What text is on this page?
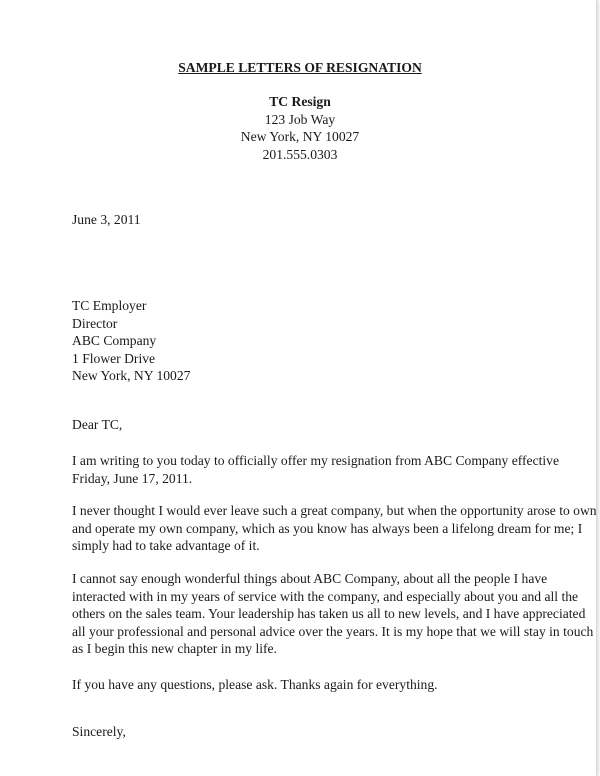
SAMPLE LETTERS OF RESIGNATION
TC Resign
123 Job Way
New York, NY 10027
201.555.0303
June 3, 2011
TC Employer
Director
ABC Company
1 Flower Drive
New York, NY 10027
Dear TC,
I am writing to you today to officially offer my resignation from ABC Company effective
Friday, June 17, 2011.
I never thought I would ever leave such a great company, but when the opportunity arose to own
and operate my own company, which as you know has always been a lifelong dream for me; I
simply had to take advantage of it.
I cannot say enough wonderful things about ABC Company, about all the people I have
interacted with in my years of service with the company, and especially about you and all the
others on the sales team. Your leadership has taken us all to new levels, and I have appreciated
all your professional and personal advice over the years. It is my hope that we will stay in touch
as I begin this new chapter in my life.
If you have any questions, please ask. Thanks again for everything.
Sincerely,
